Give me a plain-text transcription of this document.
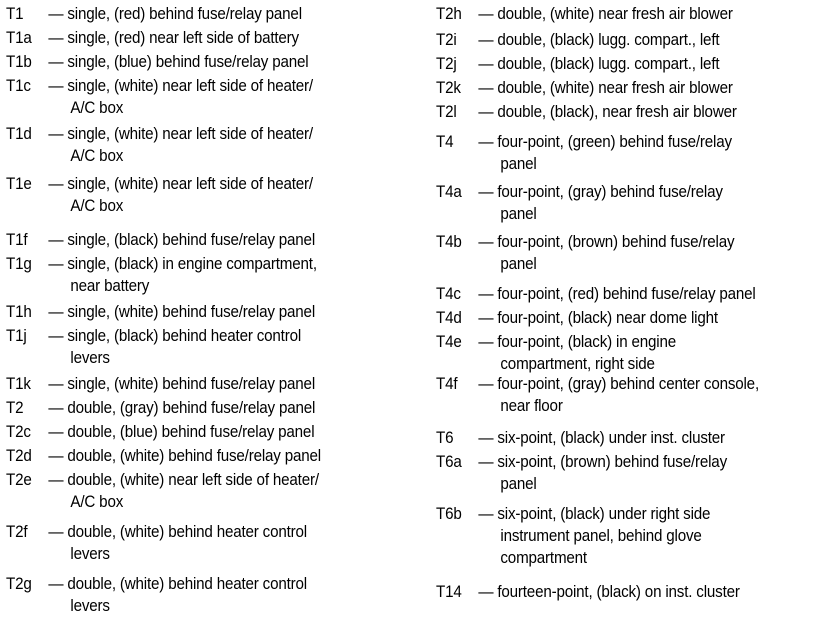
T1 — single, (red) behind fuse/relay panel
T1a — single, (red) near left side of battery
T1b — single, (blue) behind fuse/relay panel
T1c — single, (white) near left side of heater/
A/C box
T1d — single, (white) near left side of heater/
A/C box
T1e — single, (white) near left side of heater/
A/C box
T1f — single, (black) behind fuse/relay panel
T1g — single, (black) in engine compartment,
near battery
T1h — single, (white) behind fuse/relay panel
T1j — single, (black) behind heater control
levers
T1k — single, (white) behind fuse/relay panel
T2 — double, (gray) behind fuse/relay panel
T2c — double, (blue) behind fuse/relay panel
T2d — double, (white) behind fuse/relay panel
T2e — double, (white) near left side of heater/
A/C box
T2f — double, (white) behind heater control
levers
T2g — double, (white) behind heater control
levers
T2h — double, (white) near fresh air blower
T2i — double, (black) lugg. compart., left
T2j — double, (black) lugg. compart., left
T2k — double, (white) near fresh air blower
T2l — double, (black), near fresh air blower
T4 — four-point, (green) behind fuse/relay
panel
T4a — four-point, (gray) behind fuse/relay
panel
T4b — four-point, (brown) behind fuse/relay
panel
T4c — four-point, (red) behind fuse/relay panel
T4d — four-point, (black) near dome light
T4e — four-point, (black) in engine
compartment, right side
T4f — four-point, (gray) behind center console,
near floor
T6 — six-point, (black) under inst. cluster
T6a — six-point, (brown) behind fuse/relay
panel
T6b — six-point, (black) under right side
instrument panel, behind glove
compartment
T14 — fourteen-point, (black) on inst. cluster
